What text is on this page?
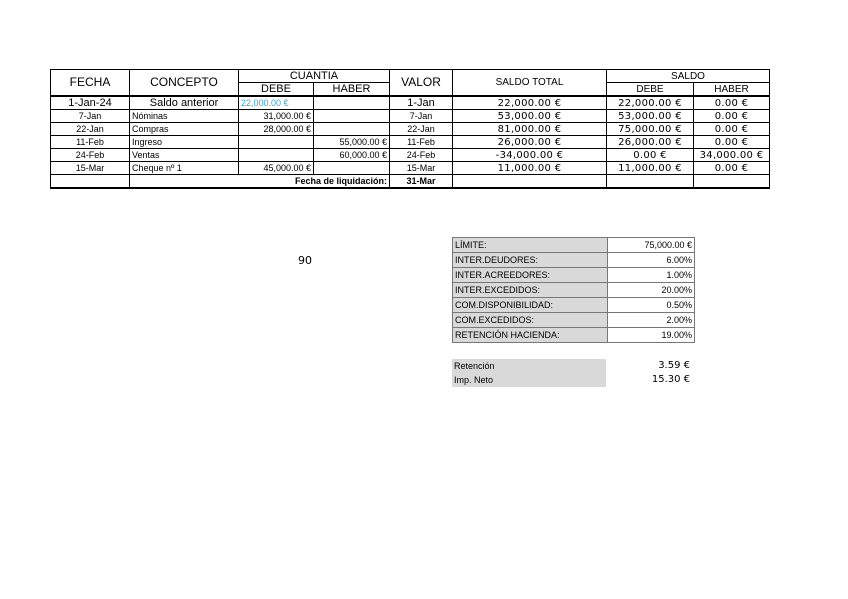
FECHA	CONCEPTO	CUANTIA		VALOR	SALDO TOTAL	SALDO	
		DEBE	HABER			DEBE	HABER
1-Jan-24	Saldo anterior	22,000.00 €		1-Jan	22,000.00 €	22,000.00 €	0.00 €
7-Jan	Nóminas	31,000.00 €		7-Jan	53,000.00 €	53,000.00 €	0.00 €
22-Jan	Compras	28,000.00 €		22-Jan	81,000.00 €	75,000.00 €	0.00 €
11-Feb	Ingreso		55,000.00 €	11-Feb	26,000.00 €	26,000.00 €	0.00 €
24-Feb	Ventas		60,000.00 €	24-Feb	-34,000.00 €	0.00 €	34,000.00 €
15-Mar	Cheque nº 1	45,000.00 €		15-Mar	11,000.00 €	11,000.00 €	0.00 €
	Fecha de liquidación:			31-Mar			
90
LÍMITE:	75,000.00 €
INTER.DEUDORES:	6.00%
INTER.ACREEDORES:	1.00%
INTER.EXCEDIDOS:	20.00%
COM.DISPONIBILIDAD:	0.50%
COM.EXCEDIDOS:	2.00%
RETENCIÓN HACIENDA:	19.00%
Retención	3.59 €
Imp. Neto	15.30 €
